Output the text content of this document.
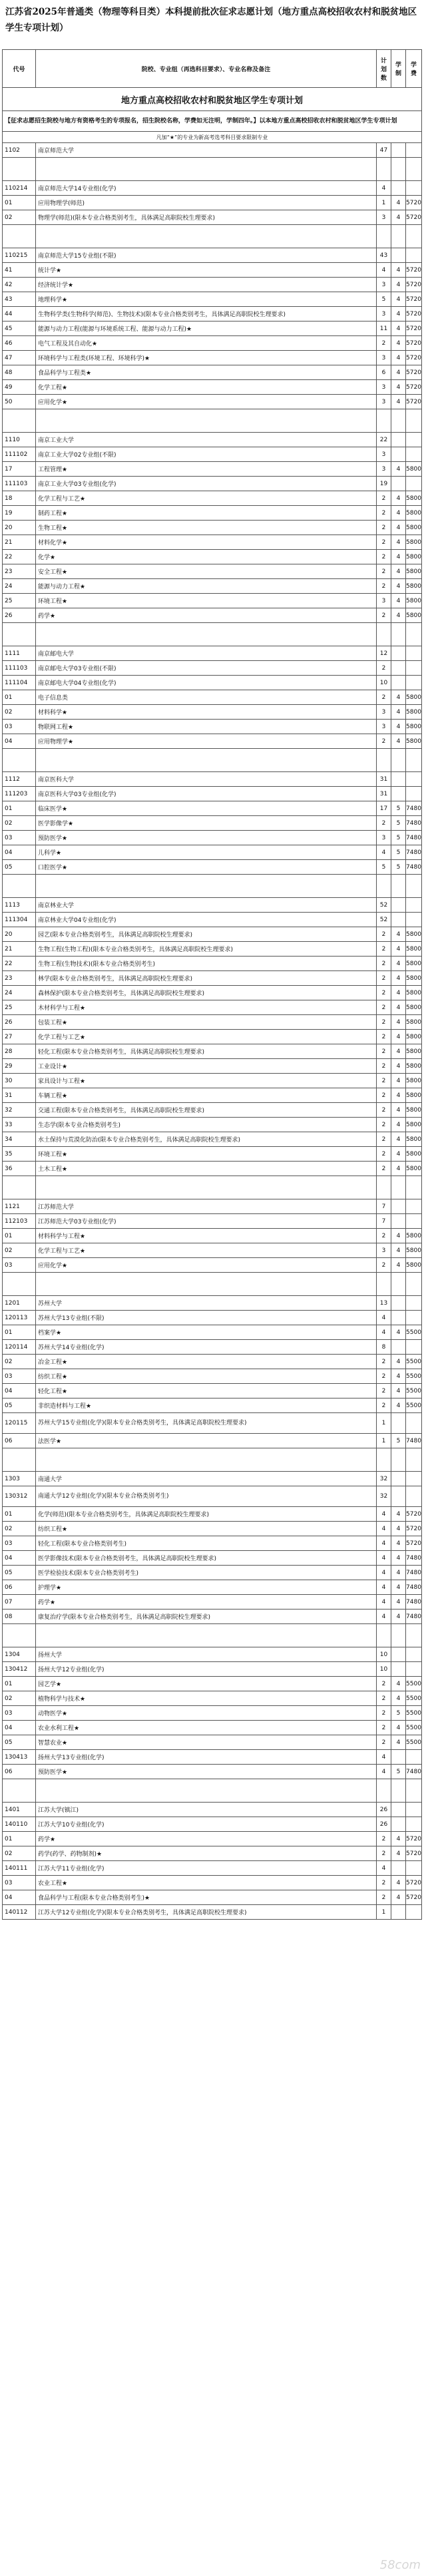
江苏省2025年普通类（物理等科目类）本科提前批次征求志愿计划（地方重点高校招收农村和脱贫地区学生专项计划）
代号	院校、专业组（再选科目要求）、专业名称及备注	计划数	学制	学费
地方重点高校招收农村和脱贫地区学生专项计划				
【征求志愿招生院校与地方有资格考生的专项报名，招生院校名称，学费如无注明，学制四年。】以本地方重点高校招收农村和脱贫地区学生专项计划				
凡加“★”的专业为新高考选考科目要求限制专业				
1102	南京师范大学	47		

110214	南京师范大学14专业组(化学)	4		
01	应用物理学(师范)	1	4	5720
02	物理学(师范)(限本专业合格类别考生，具体满足高职院校生理要求)	3	4	5720

110215	南京师范大学15专业组(不限)	43		
41	统计学★	4	4	5720
42	经济统计学★	3	4	5720
43	地理科学★	5	4	5720
44	生物科学类(生物科学(师范)、生物技术)(限本专业合格类别考生，具体满足高职院校生理要求)	3	4	5720
45	能源与动力工程(能源与环境系统工程、能源与动力工程)★	11	4	5720
46	电气工程及其自动化★	2	4	5720
47	环境科学与工程类(环境工程、环境科学)★	3	4	5720
48	食品科学与工程类★	6	4	5720
49	化学工程★	3	4	5720
50	应用化学★	3	4	5720

1110	南京工业大学	22		
111102	南京工业大学02专业组(不限)	3		
17	工程管理★	3	4	5800
111103	南京工业大学03专业组(化学)	19		
18	化学工程与工艺★	2	4	5800
19	制药工程★	2	4	5800
20	生物工程★	2	4	5800
21	材料化学★	2	4	5800
22	化学★	2	4	5800
23	安全工程★	2	4	5800
24	能源与动力工程★	2	4	5800
25	环境工程★	3	4	5800
26	药学★	2	4	5800

1111	南京邮电大学	12		
111103	南京邮电大学03专业组(不限)	2		
111104	南京邮电大学04专业组(化学)	10		
01	电子信息类	2	4	5800
02	材料科学★	3	4	5800
03	物联网工程★	3	4	5800
04	应用物理学★	2	4	5800

1112	南京医科大学	31		
111203	南京医科大学03专业组(化学)	31		
01	临床医学★	17	5	7480
02	医学影像学★	2	5	7480
03	预防医学★	3	5	7480
04	儿科学★	4	5	7480
05	口腔医学★	5	5	7480

1113	南京林业大学	52		
111304	南京林业大学04专业组(化学)	52		
20	园艺(限本专业合格类别考生，具体满足高职院校生理要求)	2	4	5800
21	生物工程(生物工程)(限本专业合格类别考生，具体满足高职院校生理要求)	2	4	5800
22	生物工程(生物技术)(限本专业合格类别考生)	2	4	5800
23	林学(限本专业合格类别考生，具体满足高职院校生理要求)	2	4	5800
24	森林保护(限本专业合格类别考生，具体满足高职院校生理要求)	2	4	5800
25	木材科学与工程★	2	4	5800
26	包装工程★	2	4	5800
27	化学工程与工艺★	2	4	5800
28	轻化工程(限本专业合格类别考生，具体满足高职院校生理要求)	2	4	5800
29	工业设计★	2	4	5800
30	家具设计与工程★	2	4	5800
31	车辆工程★	2	4	5800
32	交通工程(限本专业合格类别考生，具体满足高职院校生理要求)	2	4	5800
33	生态学(限本专业合格类别考生)	2	4	5800
34	水土保持与荒漠化防治(限本专业合格类别考生，具体满足高职院校生理要求)	2	4	5800
35	环境工程★	2	4	5800
36	土木工程★	2	4	5800

1121	江苏师范大学	7		
112103	江苏师范大学03专业组(化学)	7		
01	材料科学与工程★	2	4	5800
02	化学工程与工艺★	3	4	5800
03	应用化学★	2	4	5800

1201	苏州大学	13		
120113	苏州大学13专业组(不限)	4		
01	档案学★	4	4	5500
120114	苏州大学14专业组(化学)	8		
02	冶金工程★	2	4	5500
03	纺织工程★	2	4	5500
04	轻化工程★	2	4	5500
05	非织造材料与工程★	2	4	5500
120115	苏州大学15专业组(化学)(限本专业合格类别考生，具体满足高职院校生理要求)	1		
06	法医学★	1	5	7480

1303	南通大学	32		
130312	南通大学12专业组(化学)(限本专业合格类别考生)	32		
01	化学(师范)(限本专业合格类别考生，具体满足高职院校生理要求)	4	4	5720
02	纺织工程★	4	4	5720
03	轻化工程(限本专业合格类别考生)	4	4	5720
04	医学影像技术(限本专业合格类别考生，具体满足高职院校生理要求)	4	4	7480
05	医学检验技术(限本专业合格类别考生)	4	4	7480
06	护理学★	4	4	7480
07	药学★	4	4	7480
08	康复治疗学(限本专业合格类别考生，具体满足高职院校生理要求)	4	4	7480

1304	扬州大学	10		
130412	扬州大学12专业组(化学)	10		
01	园艺学★	2	4	5500
02	植物科学与技术★	2	4	5500
03	动物医学★	2	5	5500
04	农业水利工程★	2	4	5500
05	智慧农业★	2	4	5500
130413	扬州大学13专业组(化学)	4		
06	预防医学★	4	5	7480

1401	江苏大学(镇江)	26		
140110	江苏大学10专业组(化学)	26		
01	药学★	2	4	5720
02	药学(药学、药物制剂)★	2	4	5720
140111	江苏大学11专业组(化学)	4		
03	农业工程★	2	4	5720
04	食品科学与工程(限本专业合格类别考生)★	2	4	5720
140112	江苏大学12专业组(化学)(限本专业合格类别考生，具体满足高职院校生理要求)	1		
58com
